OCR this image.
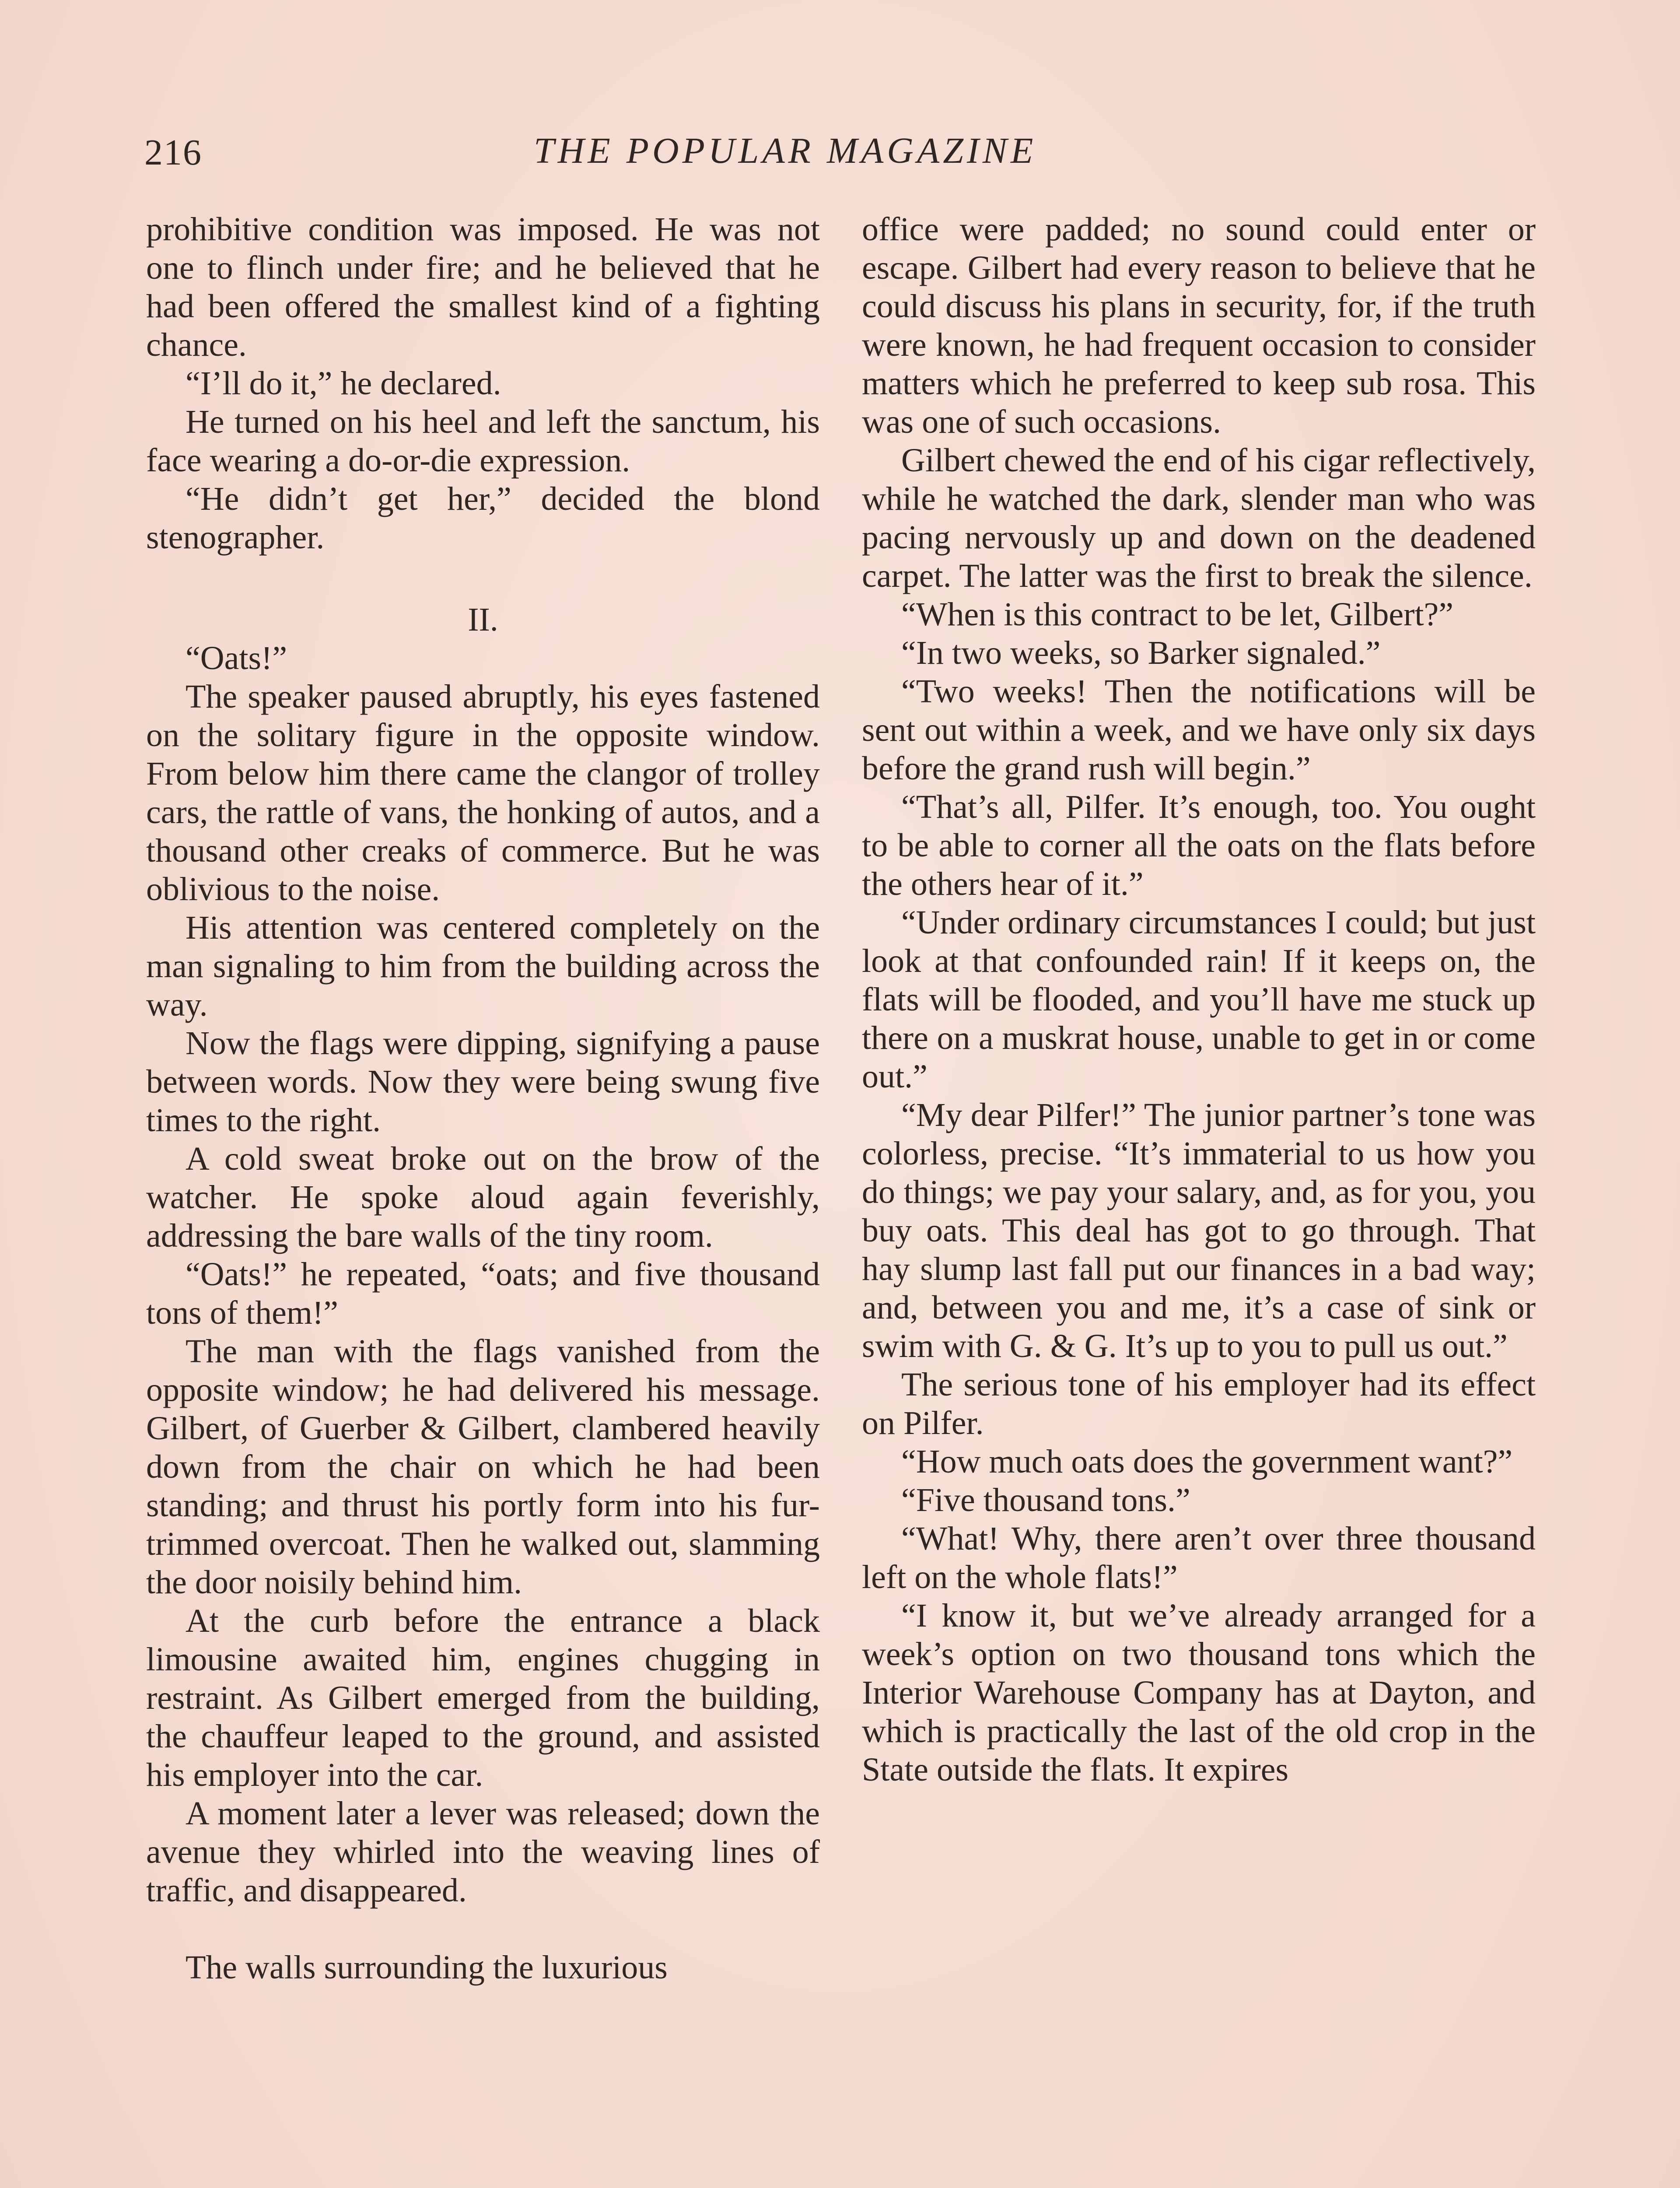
216	THE POPULAR MAGAZINE

prohibitive condition was imposed. He was not one to flinch under fire; and he believed that he had been offered the smallest kind of a fighting chance.

“I’ll do it,” he declared.

He turned on his heel and left the sanctum, his face wearing a do-or-die expression.

“He didn’t get her,” decided the blond stenographer.

II.

“Oats!”

The speaker paused abruptly, his eyes fastened on the solitary figure in the opposite window. From below him there came the clangor of trolley cars, the rattle of vans, the honking of autos, and a thousand other creaks of commerce. But he was oblivious to the noise.

His attention was centered completely on the man signaling to him from the building across the way.

Now the flags were dipping, signifying a pause between words. Now they were being swung five times to the right.

A cold sweat broke out on the brow of the watcher. He spoke aloud again feverishly, addressing the bare walls of the tiny room.

“Oats!” he repeated, “oats; and five thousand tons of them!”

The man with the flags vanished from the opposite window; he had delivered his message. Gilbert, of Guerber & Gilbert, clambered heavily down from the chair on which he had been standing; and thrust his portly form into his fur-trimmed overcoat. Then he walked out, slamming the door noisily behind him.

At the curb before the entrance a black limousine awaited him, engines chugging in restraint. As Gilbert emerged from the building, the chauffeur leaped to the ground, and assisted his employer into the car.

A moment later a lever was released; down the avenue they whirled into the weaving lines of traffic, and disappeared.

The walls surrounding the luxurious

office were padded; no sound could enter or escape. Gilbert had every reason to believe that he could discuss his plans in security, for, if the truth were known, he had frequent occasion to consider matters which he preferred to keep sub rosa. This was one of such occasions.

Gilbert chewed the end of his cigar reflectively, while he watched the dark, slender man who was pacing nervously up and down on the deadened carpet. The latter was the first to break the silence.

“When is this contract to be let, Gilbert?”

“In two weeks, so Barker signaled.”

“Two weeks! Then the notifications will be sent out within a week, and we have only six days before the grand rush will begin.”

“That’s all, Pilfer. It’s enough, too. You ought to be able to corner all the oats on the flats before the others hear of it.”

“Under ordinary circumstances I could; but just look at that confounded rain! If it keeps on, the flats will be flooded, and you’ll have me stuck up there on a muskrat house, unable to get in or come out.”

“My dear Pilfer!” The junior partner’s tone was colorless, precise. “It’s immaterial to us how you do things; we pay your salary, and, as for you, you buy oats. This deal has got to go through. That hay slump last fall put our finances in a bad way; and, between you and me, it’s a case of sink or swim with G. & G. It’s up to you to pull us out.”

The serious tone of his employer had its effect on Pilfer.

“How much oats does the government want?”

“Five thousand tons.”

“What! Why, there aren’t over three thousand left on the whole flats!”

“I know it, but we’ve already arranged for a week’s option on two thousand tons which the Interior Warehouse Company has at Dayton, and which is practically the last of the old crop in the State outside the flats. It expires
